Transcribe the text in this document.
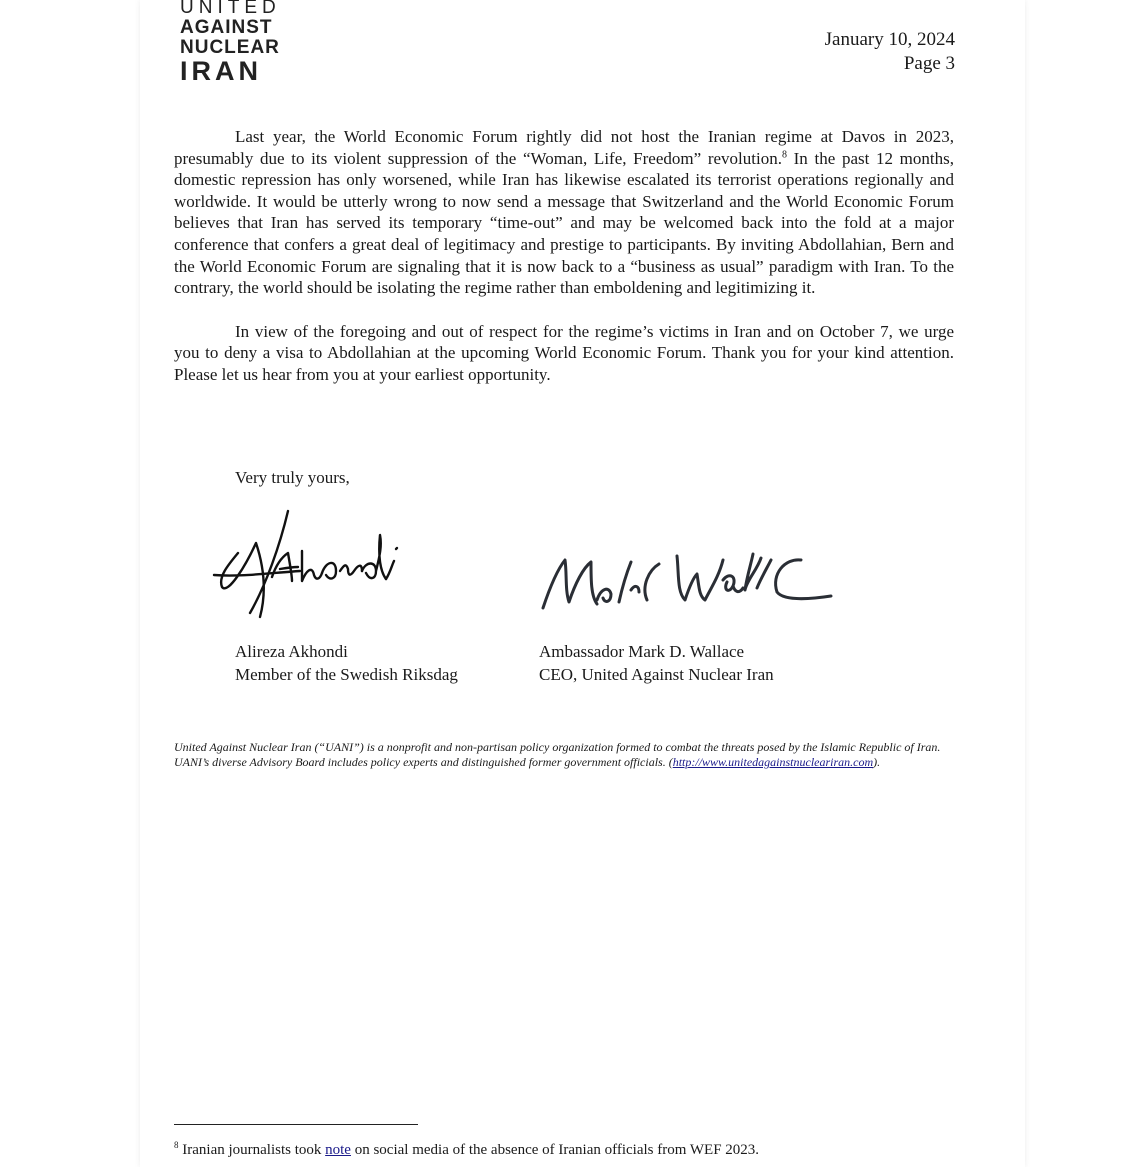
UNITED
AGAINST
NUCLEAR
IRAN
January 10, 2024
Page 3

Last year, the World Economic Forum rightly did not host the Iranian regime at Davos in 2023, presumably due to its violent suppression of the “Woman, Life, Freedom” revolution.$^8$ In the past 12 months, domestic repression has only worsened, while Iran has likewise escalated its terrorist operations regionally and worldwide. It would be utterly wrong to now send a message that Switzerland and the World Economic Forum believes that Iran has served its temporary “time-out” and may be welcomed back into the fold at a major conference that confers a great deal of legitimacy and prestige to participants. By inviting Abdollahian, Bern and the World Economic Forum are signaling that it is now back to a “business as usual” paradigm with Iran. To the contrary, the world should be isolating the regime rather than emboldening and legitimizing it.

In view of the foregoing and out of respect for the regime’s victims in Iran and on October 7, we urge you to deny a visa to Abdollahian at the upcoming World Economic Forum. Thank you for your kind attention. Please let us hear from you at your earliest opportunity.

Very truly yours,
Alireza Akhondi
Member of the Swedish Riksdag
Ambassador Mark D. Wallace
CEO, United Against Nuclear Iran
United Against Nuclear Iran (“UANI”) is a nonprofit and non-partisan policy organization formed to combat the threats posed by the Islamic Republic of Iran. UANI’s diverse Advisory Board includes policy experts and distinguished former government officials. (http://www.unitedagainstnucleariran.com).
$^8$ Iranian journalists took note on social media of the absence of Iranian officials from WEF 2023.
